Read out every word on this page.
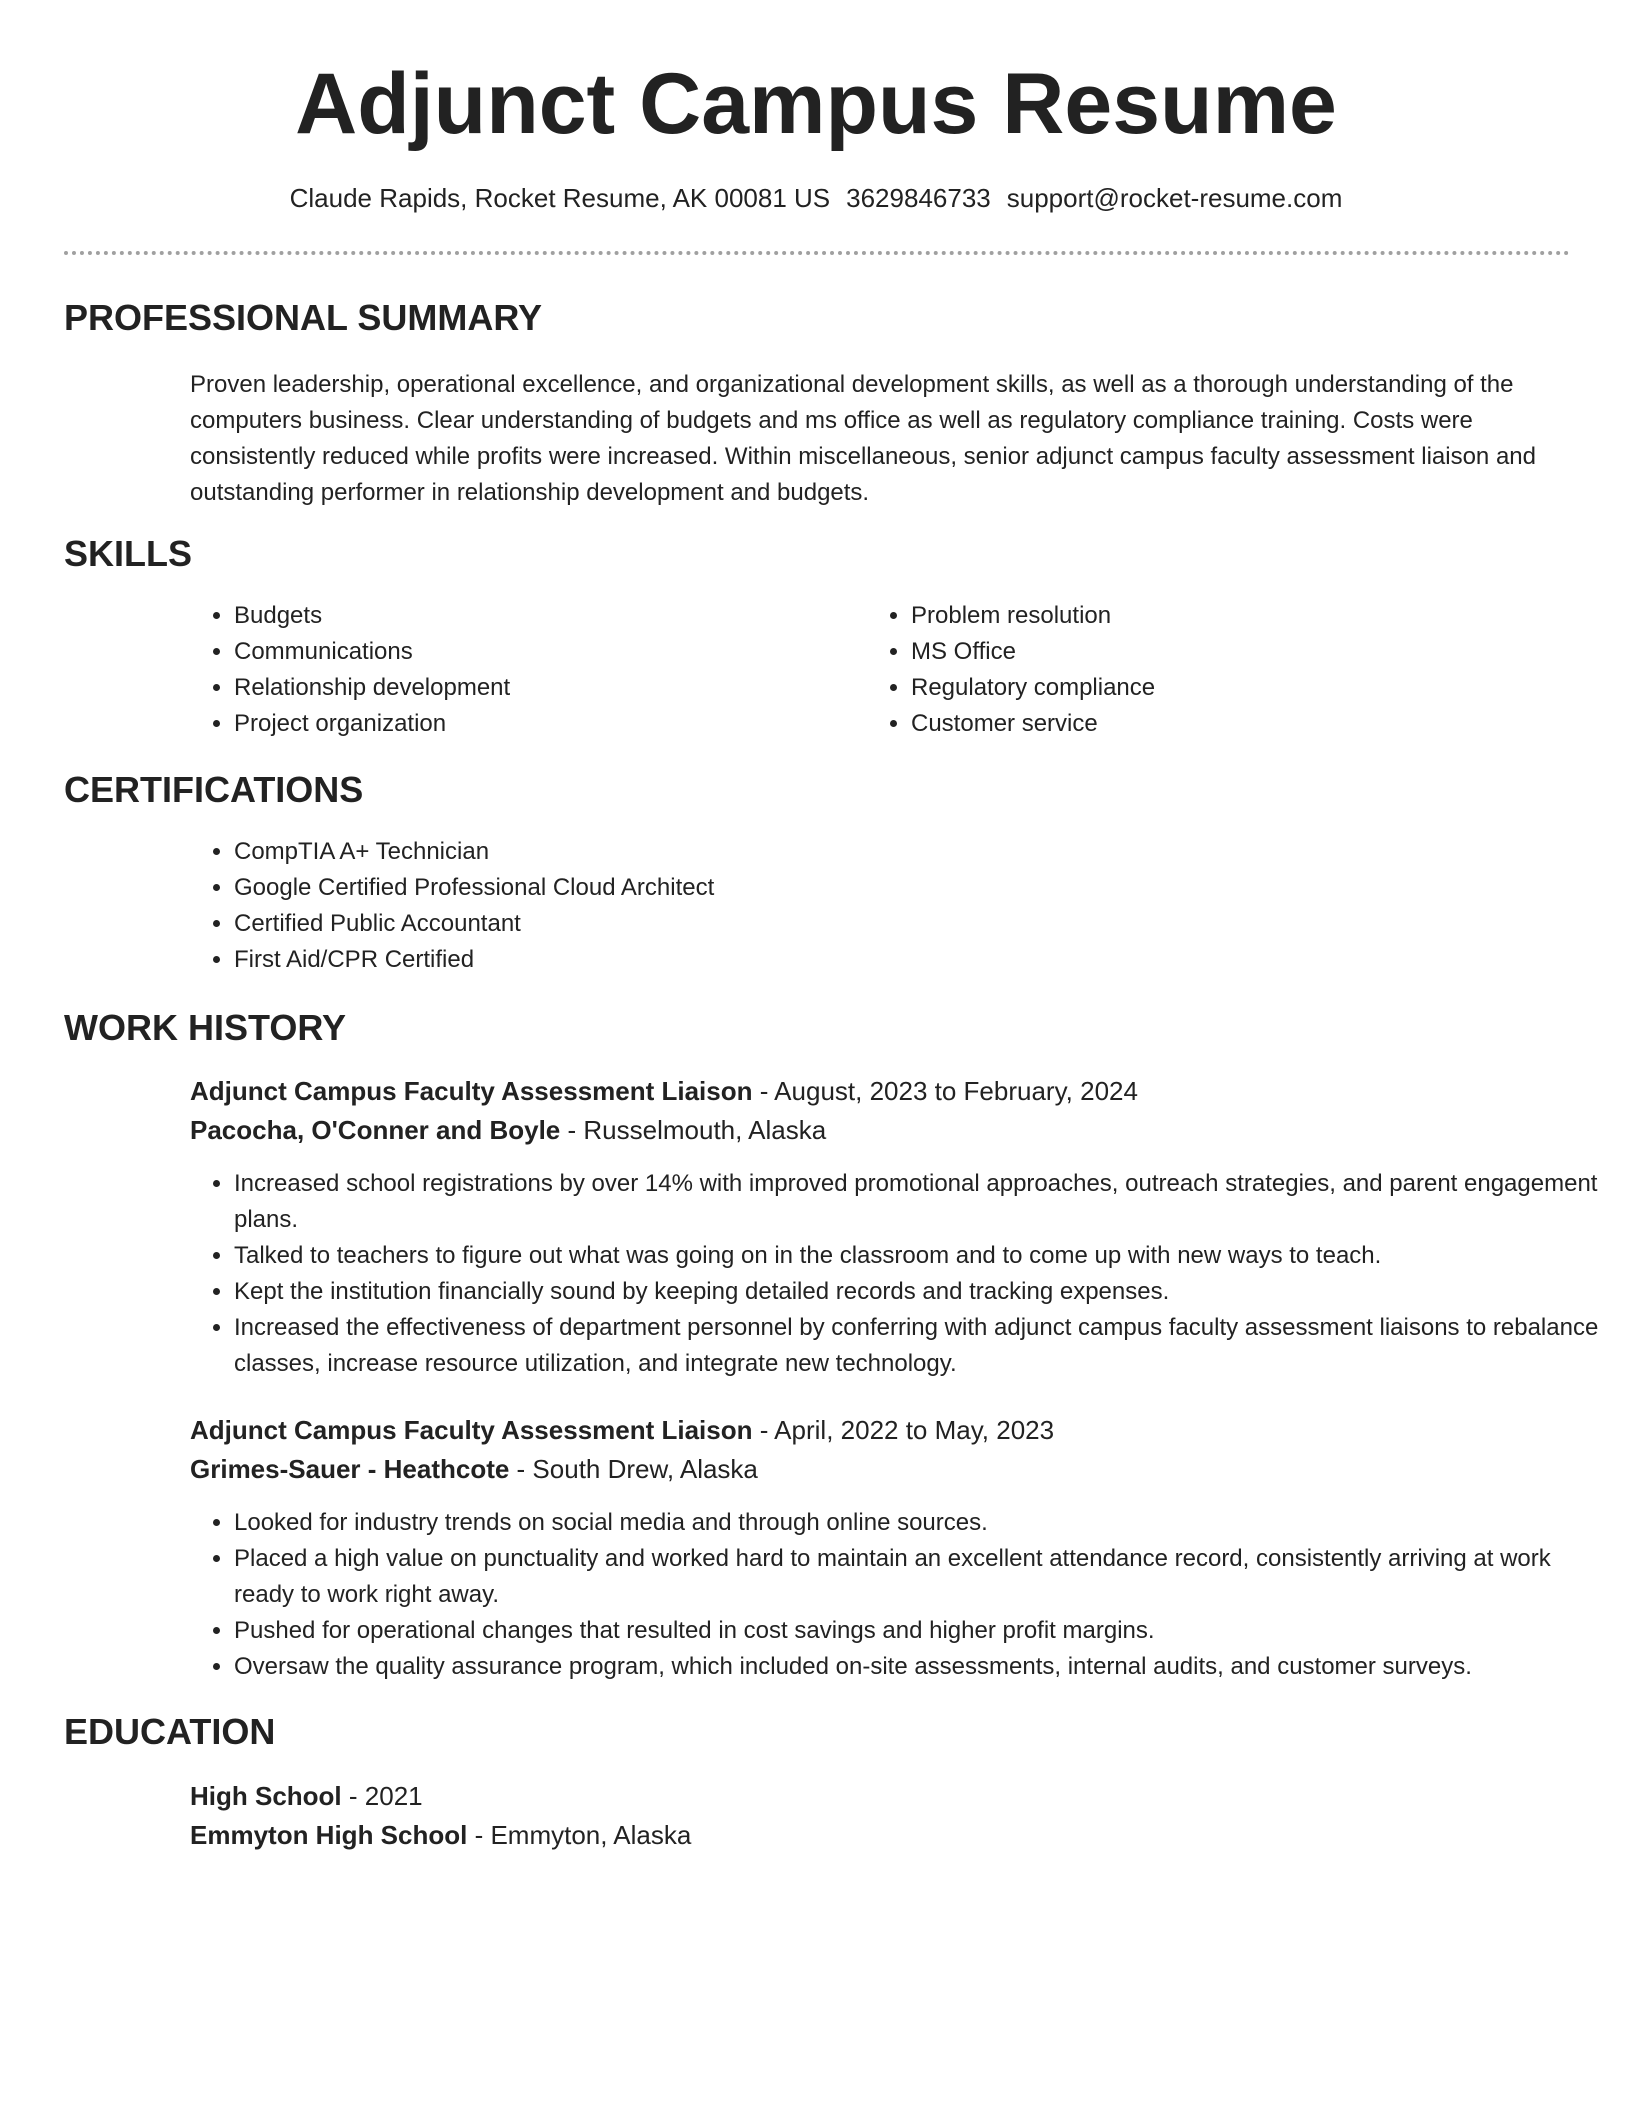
Adjunct Campus Resume
Claude Rapids, Rocket Resume, AK 00081 US 3629846733 support@rocket-resume.com
PROFESSIONAL SUMMARY

Proven leadership, operational excellence, and organizational development skills, as well as a thorough understanding of the computers business. Clear understanding of budgets and ms office as well as regulatory compliance training. Costs were consistently reduced while profits were increased. Within miscellaneous, senior adjunct campus faculty assessment liaison and outstanding performer in relationship development and budgets.

SKILLS
• Budgets
• Communications
• Relationship development
• Project organization
• Problem resolution
• MS Office
• Regulatory compliance
• Customer service
CERTIFICATIONS
• CompTIA A+ Technician
• Google Certified Professional Cloud Architect
• Certified Public Accountant
• First Aid/CPR Certified
WORK HISTORY
Adjunct Campus Faculty Assessment Liaison - August, 2023 to February, 2024
Pacocha, O'Conner and Boyle - Russelmouth, Alaska
• Increased school registrations by over 14% with improved promotional approaches, outreach strategies, and parent engagement plans.
• Talked to teachers to figure out what was going on in the classroom and to come up with new ways to teach.
• Kept the institution financially sound by keeping detailed records and tracking expenses.
• Increased the effectiveness of department personnel by conferring with adjunct campus faculty assessment liaisons to rebalance classes, increase resource utilization, and integrate new technology.
Adjunct Campus Faculty Assessment Liaison - April, 2022 to May, 2023
Grimes-Sauer - Heathcote - South Drew, Alaska
• Looked for industry trends on social media and through online sources.
• Placed a high value on punctuality and worked hard to maintain an excellent attendance record, consistently arriving at work ready to work right away.
• Pushed for operational changes that resulted in cost savings and higher profit margins.
• Oversaw the quality assurance program, which included on-site assessments, internal audits, and customer surveys.
EDUCATION
High School - 2021
Emmyton High School - Emmyton, Alaska
